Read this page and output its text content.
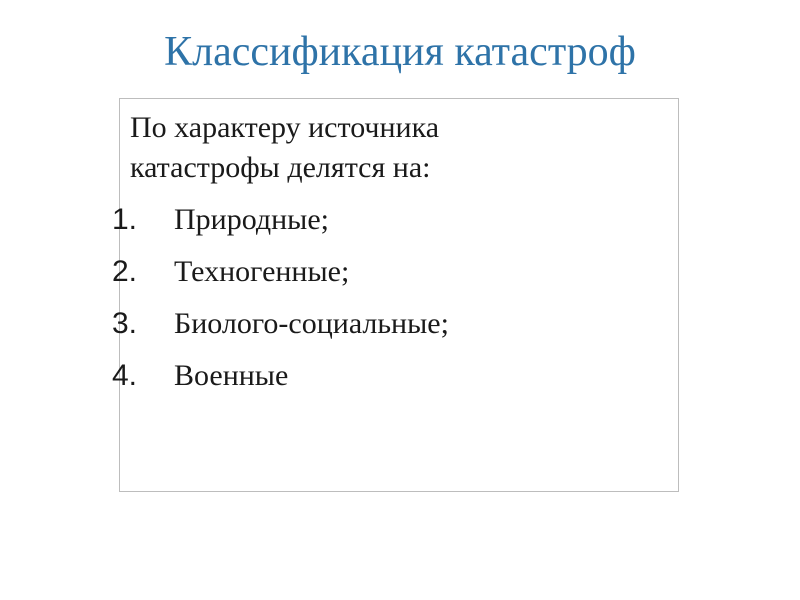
Классификация катастроф

По характеру источника
катастрофы делятся на:

1.	Природные;
2.	Техногенные;
3.	Биолого-социальные;
4.	Военные
